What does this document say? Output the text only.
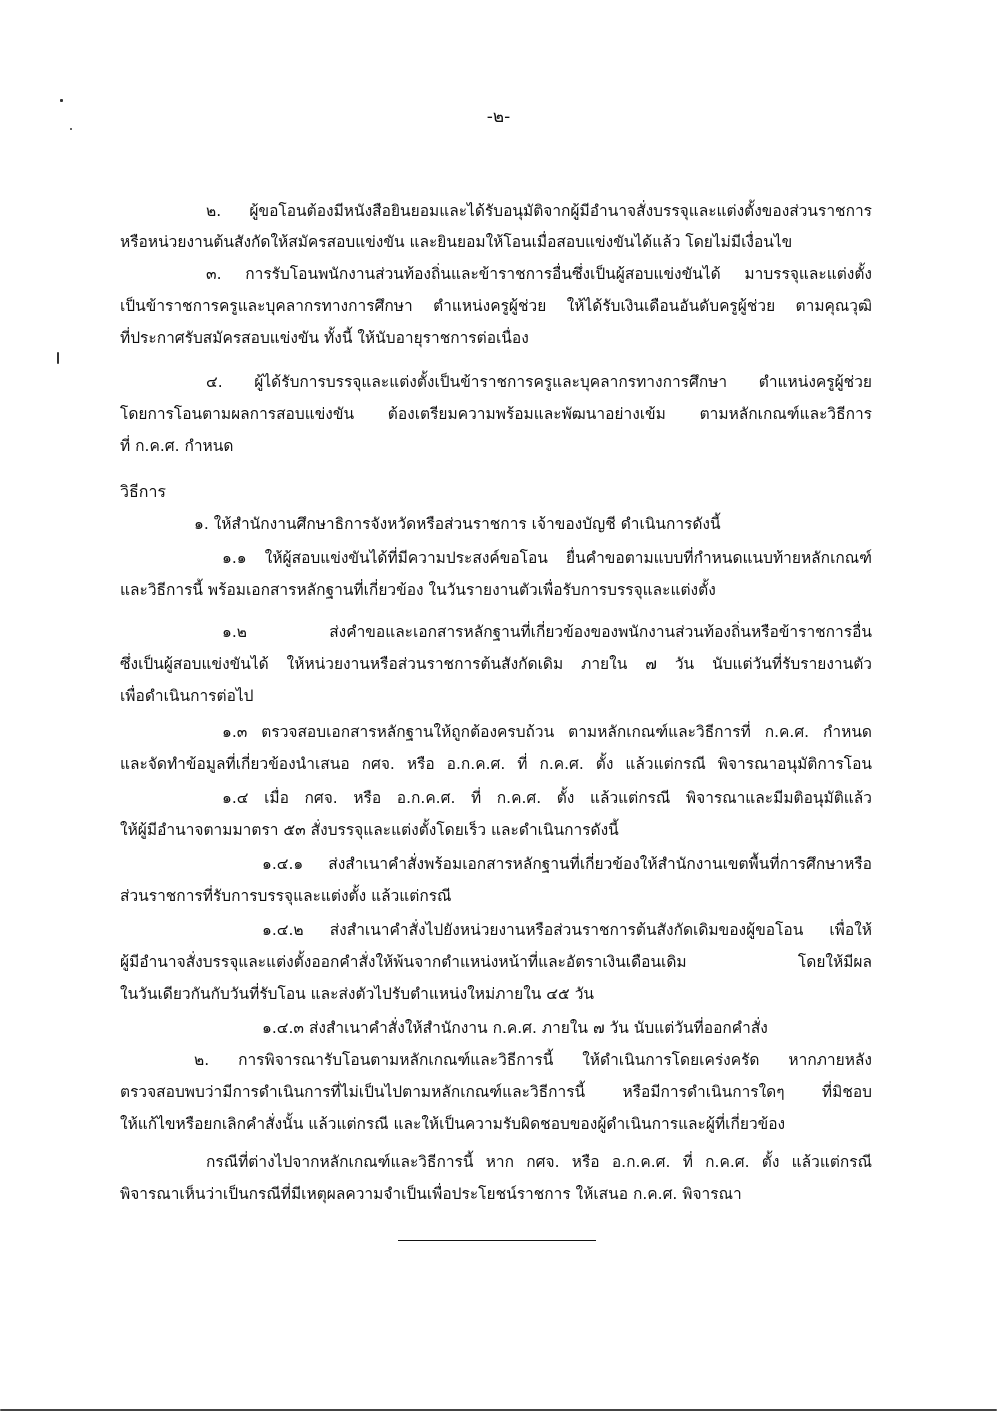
-๒-
๒. ผู้ขอโอนต้องมีหนังสือยินยอมและได้รับอนุมัติจากผู้มีอำนาจสั่งบรรจุและแต่งตั้งของส่วนราชการ
หรือหน่วยงานต้นสังกัดให้สมัครสอบแข่งขัน และยินยอมให้โอนเมื่อสอบแข่งขันได้แล้ว โดยไม่มีเงื่อนไข
๓. การรับโอนพนักงานส่วนท้องถิ่นและข้าราชการอื่นซึ่งเป็นผู้สอบแข่งขันได้ มาบรรจุและแต่งตั้ง
เป็นข้าราชการครูและบุคลากรทางการศึกษา ตำแหน่งครูผู้ช่วย ให้ได้รับเงินเดือนอันดับครูผู้ช่วย ตามคุณวุฒิ
ที่ประกาศรับสมัครสอบแข่งขัน ทั้งนี้ ให้นับอายุราชการต่อเนื่อง
๔. ผู้ได้รับการบรรจุและแต่งตั้งเป็นข้าราชการครูและบุคลากรทางการศึกษา ตำแหน่งครูผู้ช่วย
โดยการโอนตามผลการสอบแข่งขัน ต้องเตรียมความพร้อมและพัฒนาอย่างเข้ม ตามหลักเกณฑ์และวิธีการ
ที่ ก.ค.ศ. กำหนด
วิธีการ
๑. ให้สำนักงานศึกษาธิการจังหวัดหรือส่วนราชการ เจ้าของบัญชี ดำเนินการดังนี้
๑.๑ ให้ผู้สอบแข่งขันได้ที่มีความประสงค์ขอโอน ยื่นคำขอตามแบบที่กำหนดแนบท้ายหลักเกณฑ์
และวิธีการนี้ พร้อมเอกสารหลักฐานที่เกี่ยวข้อง ในวันรายงานตัวเพื่อรับการบรรจุและแต่งตั้ง
๑.๒ ส่งคำขอและเอกสารหลักฐานที่เกี่ยวข้องของพนักงานส่วนท้องถิ่นหรือข้าราชการอื่น
ซึ่งเป็นผู้สอบแข่งขันได้ ให้หน่วยงานหรือส่วนราชการต้นสังกัดเดิม ภายใน ๗ วัน นับแต่วันที่รับรายงานตัว
เพื่อดำเนินการต่อไป
๑.๓ ตรวจสอบเอกสารหลักฐานให้ถูกต้องครบถ้วน ตามหลักเกณฑ์และวิธีการที่ ก.ค.ศ. กำหนด
และจัดทำข้อมูลที่เกี่ยวข้องนำเสนอ กศจ. หรือ อ.ก.ค.ศ. ที่ ก.ค.ศ. ตั้ง แล้วแต่กรณี พิจารณาอนุมัติการโอน
๑.๔ เมื่อ กศจ. หรือ อ.ก.ค.ศ. ที่ ก.ค.ศ. ตั้ง แล้วแต่กรณี พิจารณาและมีมติอนุมัติแล้ว
ให้ผู้มีอำนาจตามมาตรา ๕๓ สั่งบรรจุและแต่งตั้งโดยเร็ว และดำเนินการดังนี้
๑.๔.๑ ส่งสำเนาคำสั่งพร้อมเอกสารหลักฐานที่เกี่ยวข้องให้สำนักงานเขตพื้นที่การศึกษาหรือ
ส่วนราชการที่รับการบรรจุและแต่งตั้ง แล้วแต่กรณี
๑.๔.๒ ส่งสำเนาคำสั่งไปยังหน่วยงานหรือส่วนราชการต้นสังกัดเดิมของผู้ขอโอน เพื่อให้
ผู้มีอำนาจสั่งบรรจุและแต่งตั้งออกคำสั่งให้พ้นจากตำแหน่งหน้าที่และอัตราเงินเดือนเดิม โดยให้มีผล
ในวันเดียวกันกับวันที่รับโอน และส่งตัวไปรับตำแหน่งใหม่ภายใน ๔๕ วัน
๑.๔.๓ ส่งสำเนาคำสั่งให้สำนักงาน ก.ค.ศ. ภายใน ๗ วัน นับแต่วันที่ออกคำสั่ง
๒. การพิจารณารับโอนตามหลักเกณฑ์และวิธีการนี้ ให้ดำเนินการโดยเคร่งครัด หากภายหลัง
ตรวจสอบพบว่ามีการดำเนินการที่ไม่เป็นไปตามหลักเกณฑ์และวิธีการนี้ หรือมีการดำเนินการใดๆ ที่มิชอบ
ให้แก้ไขหรือยกเลิกคำสั่งนั้น แล้วแต่กรณี และให้เป็นความรับผิดชอบของผู้ดำเนินการและผู้ที่เกี่ยวข้อง
กรณีที่ต่างไปจากหลักเกณฑ์และวิธีการนี้ หาก กศจ. หรือ อ.ก.ค.ศ. ที่ ก.ค.ศ. ตั้ง แล้วแต่กรณี
พิจารณาเห็นว่าเป็นกรณีที่มีเหตุผลความจำเป็นเพื่อประโยชน์ราชการ ให้เสนอ ก.ค.ศ. พิจารณา
